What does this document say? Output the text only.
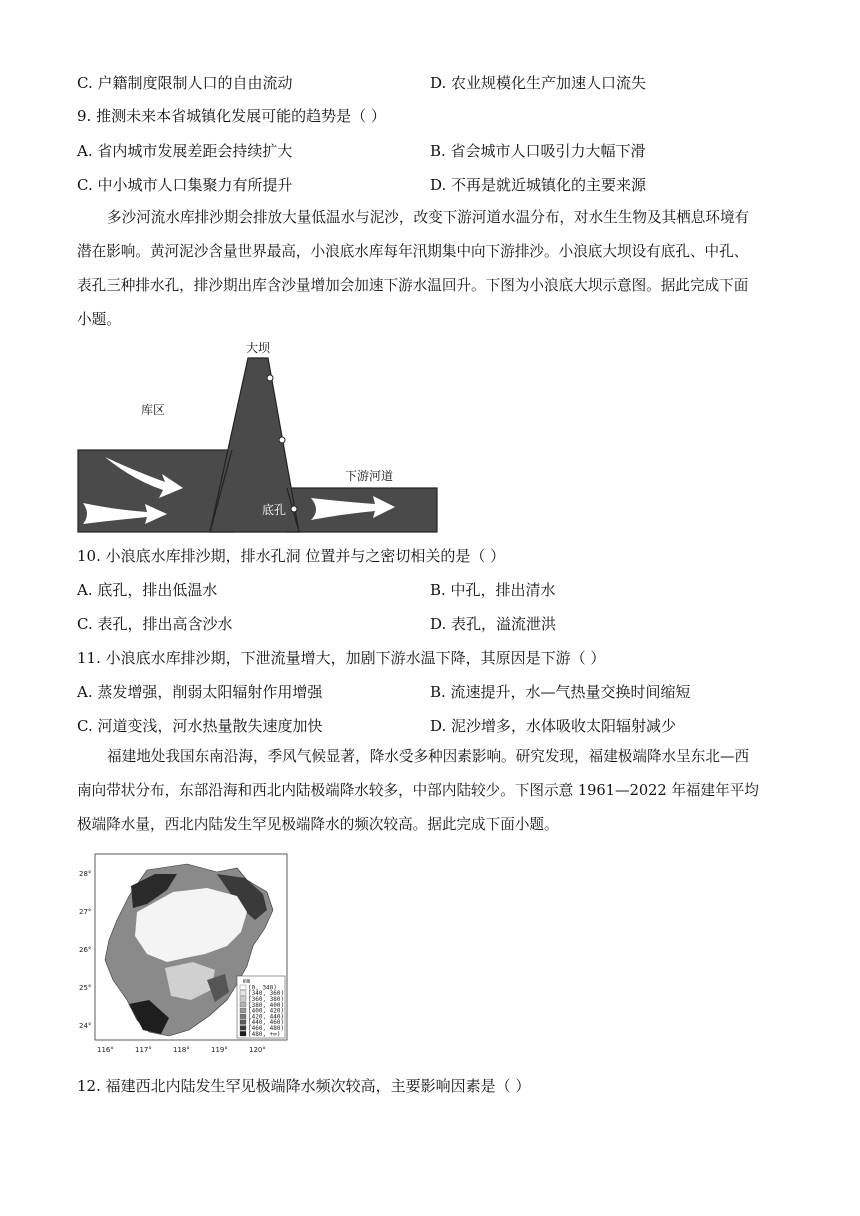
C. 户籍制度限制人口的自由流动	D. 农业规模化生产加速人口流失
9. 推测未来本省城镇化发展可能的趋势是（ ）
A. 省内城市发展差距会持续扩大	B. 省会城市人口吸引力大幅下滑
C. 中小城市人口集聚力有所提升	D. 不再是就近城镇化的主要来源
多沙河流水库排沙期会排放大量低温水与泥沙，改变下游河道水温分布，对水生生物及其栖息环境有
潜在影响。黄河泥沙含量世界最高，小浪底水库每年汛期集中向下游排沙。小浪底大坝设有底孔、中孔、
表孔三种排水孔，排沙期出库含沙量增加会加速下游水温回升。下图为小浪底大坝示意图。据此完成下面
小题。
大坝
表孔
中孔
库区
下游河道
底孔
10. 小浪底水库排沙期，排水孔洞 位置并与之密切相关的是（ ）
A. 底孔，排出低温水	B. 中孔，排出清水
C. 表孔，排出高含沙水	D. 表孔，溢流泄洪
11. 小浪底水库排沙期，下泄流量增大，加剧下游水温下降，其原因是下游（ ）
A. 蒸发增强，削弱太阳辐射作用增强	B. 流速提升，水—气热量交换时间缩短
C. 河道变浅，河水热量散失速度加快	D. 泥沙增多，水体吸收太阳辐射减少
福建地处我国东南沿海，季风气候显著，降水受多种因素影响。研究发现，福建极端降水呈东北—西
南向带状分布，东部沿海和西北内陆极端降水较多，中部内陆较少。下图示意 1961—2022 年福建年平均
极端降水量，西北内陆发生罕见极端降水的频次较高。据此完成下面小题。
28°
27°
26°
25°
24°
116°	117°	118°	119°	120°
mm
(0, 340)
[340, 360)
[360, 380)
[380, 400)
[400, 420)
[420, 440)
[440, 460)
[460, 480)
[480, +∞)
12. 福建西北内陆发生罕见极端降水频次较高，主要影响因素是（ ）
